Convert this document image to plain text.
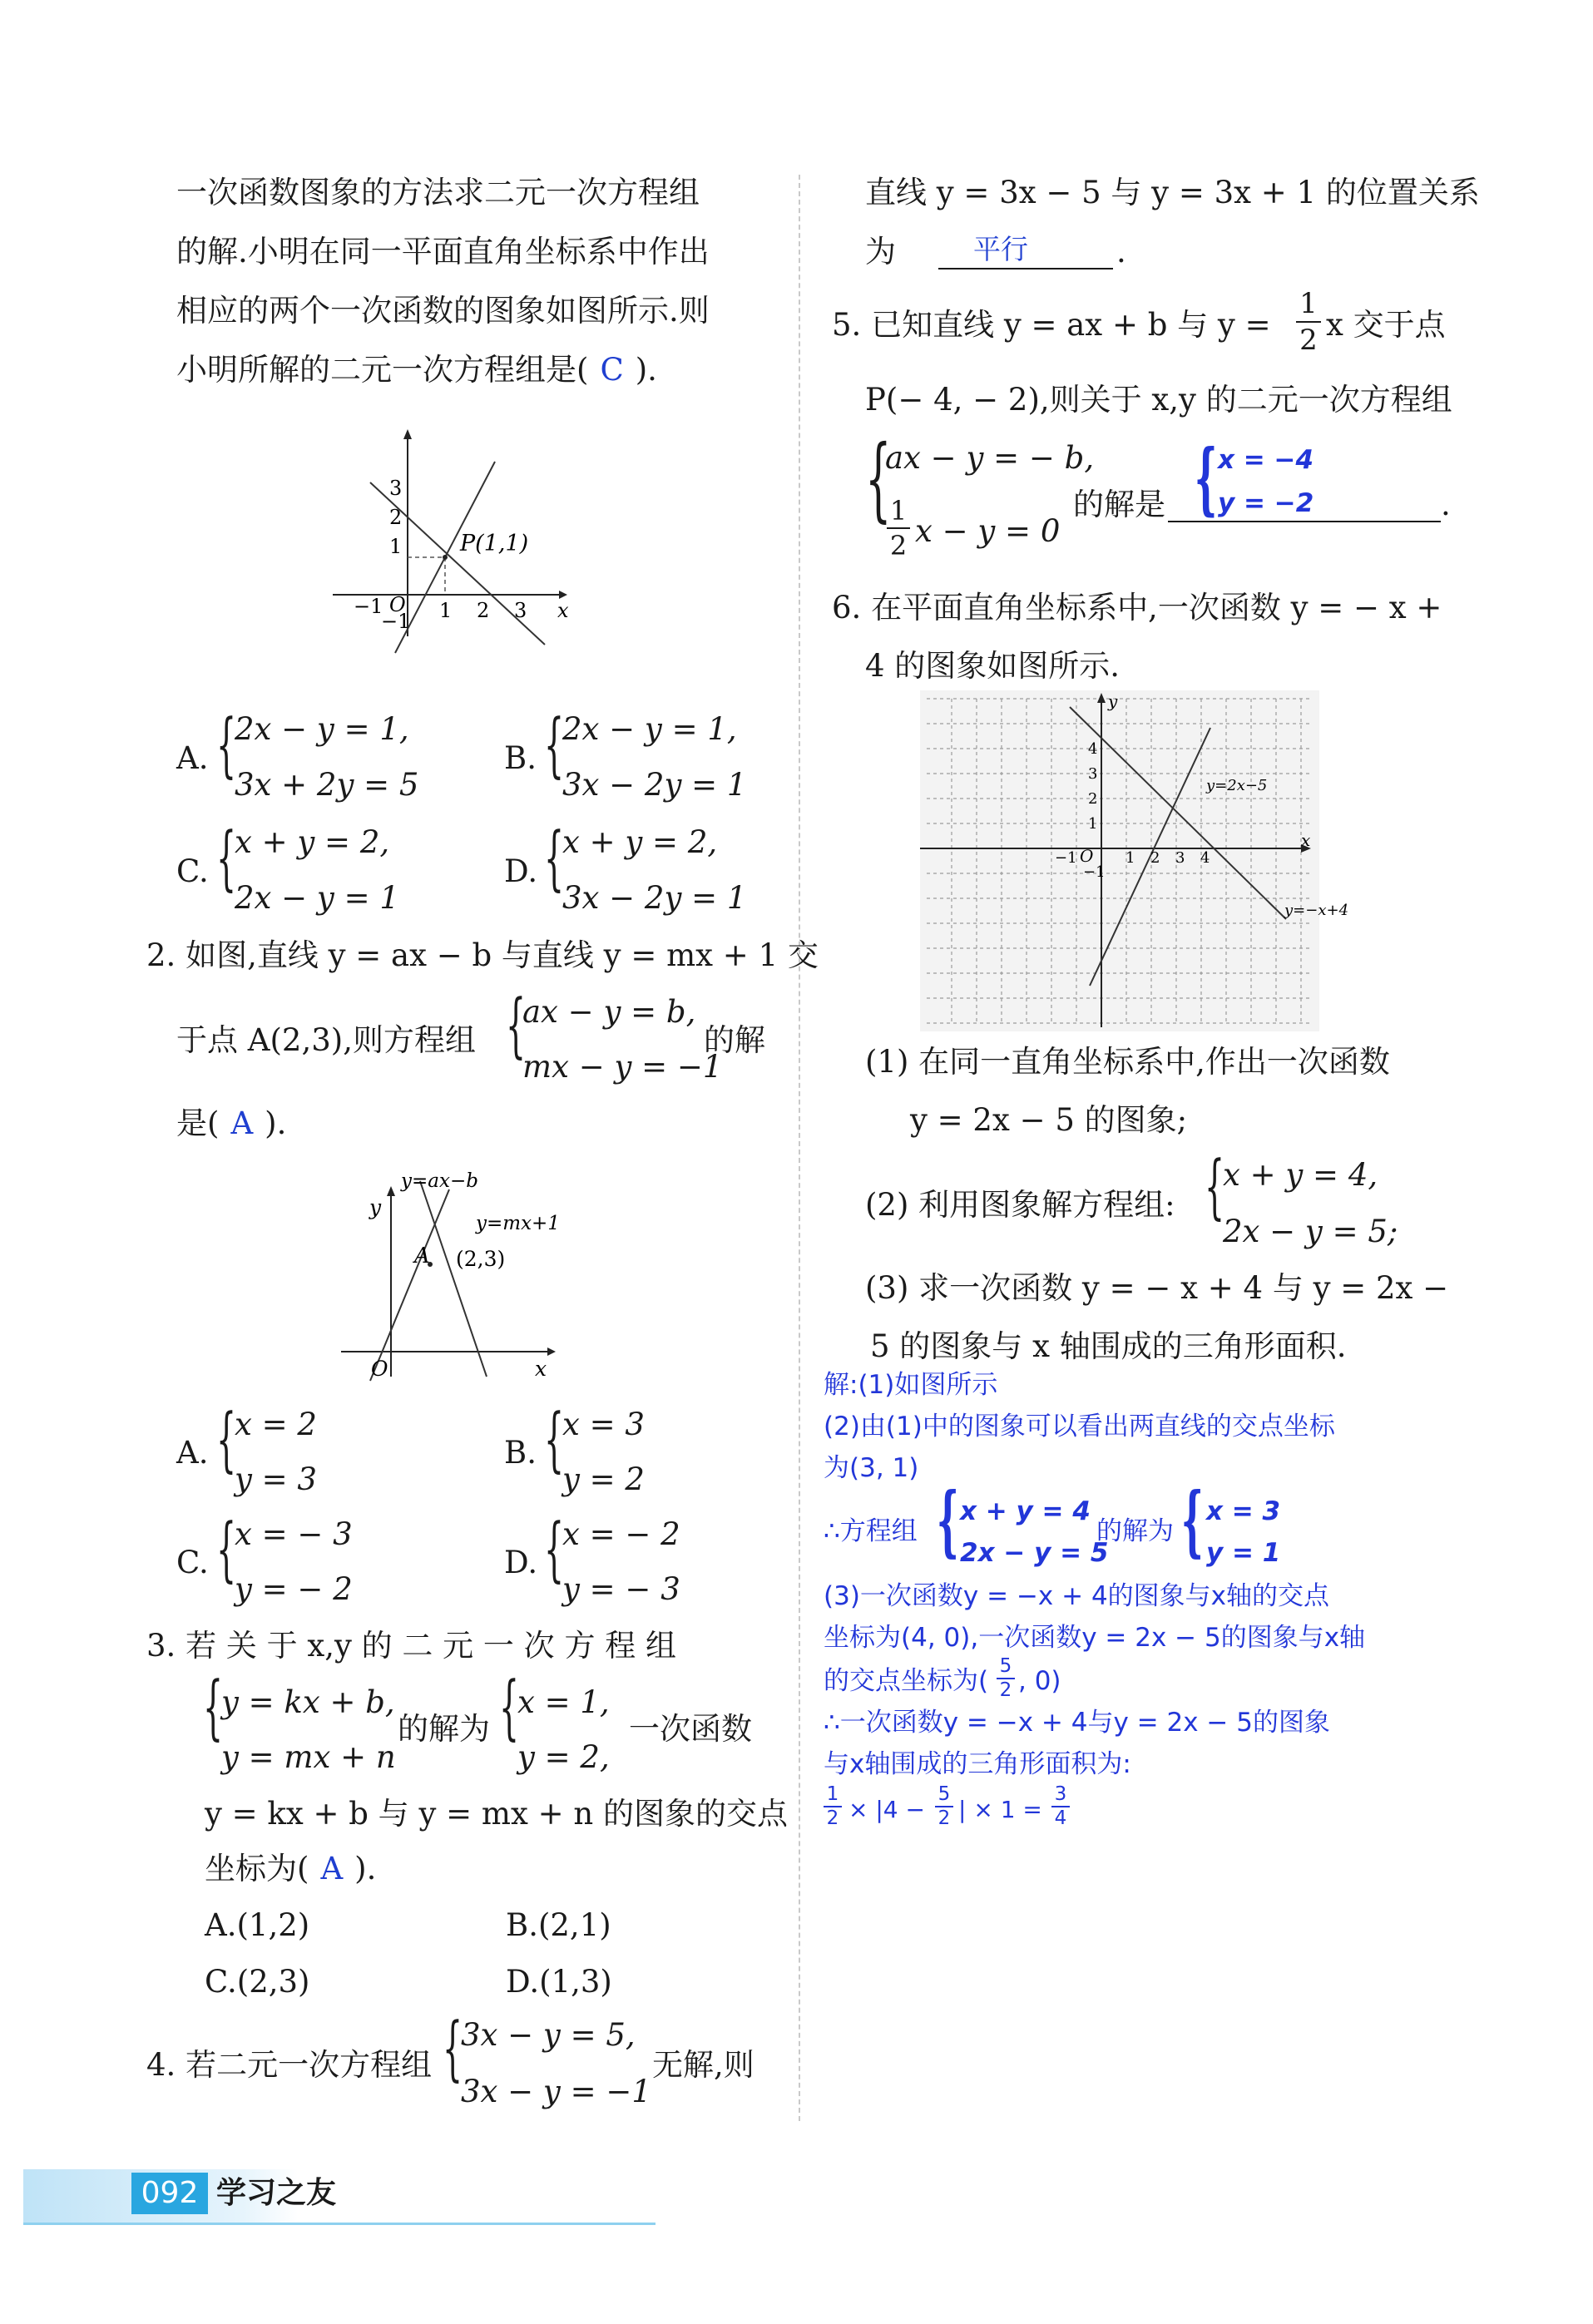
一次函数图象的方法求二元一次方程组
的解.小明在同一平面直角坐标系中作出
相应的两个一次函数的图象如图所示.则
小明所解的二元一次方程组是( C ).
P(1,1)
−1 O 1 2 3 x
3
2
1
−1
A. {
2x − y = 1,
3x + 2y = 5
B. {
2x − y = 1,
3x − 2y = 1
C. {
x + y = 2,
2x − y = 1
D. {
x + y = 2,
3x − 2y = 1
2. 如图,直线 y = ax − b 与直线 y = mx + 1 交
于点 A(2,3),则方程组 {
ax − y = b,
mx − y = −1
的解
是( A ).
y=ax−b
y=mx+1
A (2,3)
y
O	x
A. {
x = 2
y = 3
B. {
x = 3
y = 2
C. {
x = − 3
y = − 2
D. {
x = − 2
y = − 3
3. 若 关 于 x,y 的 二 元 一 次 方 程 组
{
y = kx + b,
y = mx + n
的解为 {
x = 1,
y = 2,
一次函数
y = kx + b 与 y = mx + n 的图象的交点
坐标为( A ).
A.(1,2)	B.(2,1)
C.(2,3)	D.(1,3)
4. 若二元一次方程组 {
3x − y = 5,
3x − y = −1
无解,则
直线 y = 3x − 5 与 y = 3x + 1 的位置关系
为	平行	.
5. 已知直线 y = ax + b 与 y =
1
2 x 交于点
P(− 4, − 2),则关于 x,y 的二元一次方程组
{
ax − y = − b,
1
2 x − y = 0
的解是 { x = −4
y = −2	.
6. 在平面直角坐标系中,一次函数 y = − x +
4 的图象如图所示.
y
x
O
−1	1 2 3 4
4
3
2
1
−1
y=2x−5
y=−x+4
(1) 在同一直角坐标系中,作出一次函数
y = 2x − 5 的图象;
(2) 利用图象解方程组: {
x + y = 4,
2x − y = 5;
(3) 求一次函数 y = − x + 4 与 y = 2x −
5 的图象与 x 轴围成的三角形面积.
解:(1)如图所示
(2)由(1)中的图象可以看出两直线的交点坐标
为(3, 1)
∴方程组 { x + y = 4
2x − y = 5
的解为 { x = 3
y = 1
(3)一次函数y = −x + 4的图象与x轴的交点
坐标为(4, 0),一次函数y = 2x − 5的图象与x轴
的交点坐标为( 5
2 , 0)
∴一次函数y = −x + 4与y = 2x − 5的图象
与x轴围成的三角形面积为:
1
2 × |4 −
5
2 | × 1 =
3
4
092 学习之友
